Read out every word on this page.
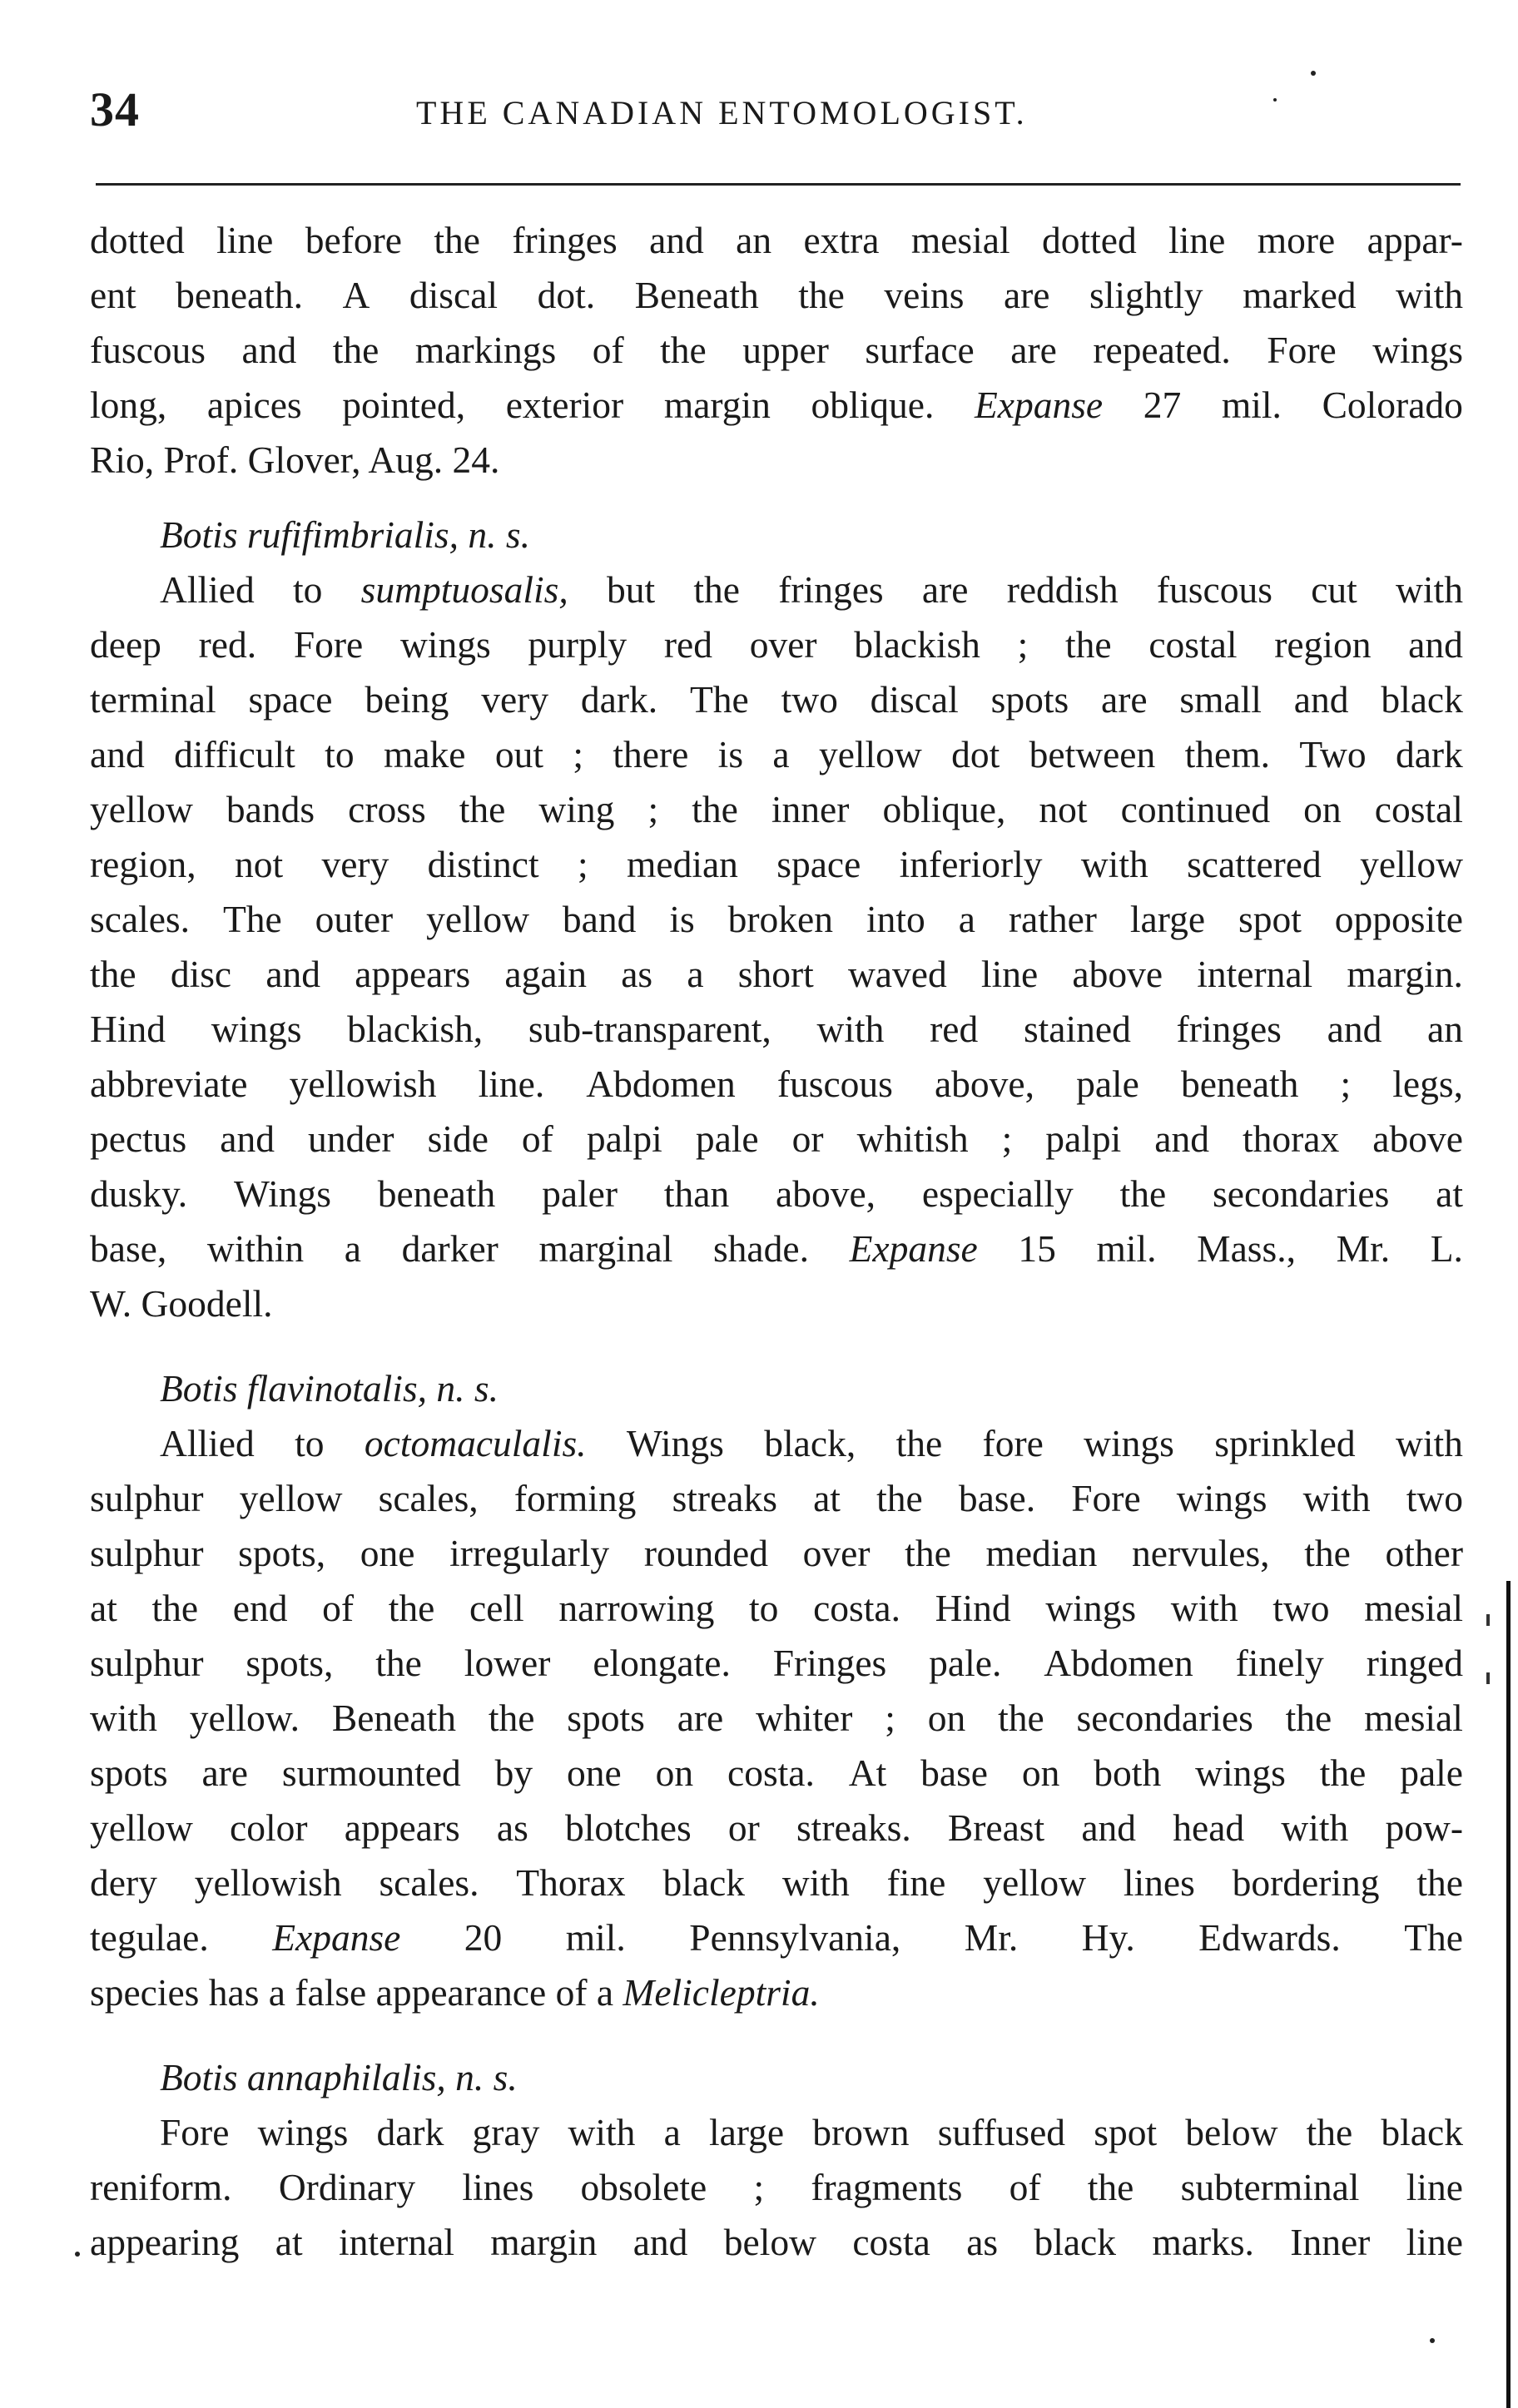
34	THE CANADIAN ENTOMOLOGIST.
dotted line before the fringes and an extra mesial dotted line more appar-
ent beneath. A discal dot. Beneath the veins are slightly marked with
fuscous and the markings of the upper surface are repeated. Fore wings
long, apices pointed, exterior margin oblique. Expanse 27 mil. Colorado
Rio, Prof. Glover, Aug. 24.
Botis rufifimbrialis, n. s.
Allied to sumptuosalis, but the fringes are reddish fuscous cut with
deep red. Fore wings purply red over blackish ; the costal region and
terminal space being very dark. The two discal spots are small and black
and difficult to make out ; there is a yellow dot between them. Two dark
yellow bands cross the wing ; the inner oblique, not continued on costal
region, not very distinct ; median space inferiorly with scattered yellow
scales. The outer yellow band is broken into a rather large spot opposite
the disc and appears again as a short waved line above internal margin.
Hind wings blackish, sub-transparent, with red stained fringes and an
abbreviate yellowish line. Abdomen fuscous above, pale beneath ; legs,
pectus and under side of palpi pale or whitish ; palpi and thorax above
dusky. Wings beneath paler than above, especially the secondaries at
base, within a darker marginal shade. Expanse 15 mil. Mass., Mr. L.
W. Goodell.
Botis flavinotalis, n. s.
Allied to octomaculalis. Wings black, the fore wings sprinkled with
sulphur yellow scales, forming streaks at the base. Fore wings with two
sulphur spots, one irregularly rounded over the median nervules, the other
at the end of the cell narrowing to costa. Hind wings with two mesial
sulphur spots, the lower elongate. Fringes pale. Abdomen finely ringed
with yellow. Beneath the spots are whiter ; on the secondaries the mesial
spots are surmounted by one on costa. At base on both wings the pale
yellow color appears as blotches or streaks. Breast and head with pow-
dery yellowish scales. Thorax black with fine yellow lines bordering the
tegulae. Expanse 20 mil. Pennsylvania, Mr. Hy. Edwards. The
species has a false appearance of a Melicleptria.
Botis annaphilalis, n. s.
Fore wings dark gray with a large brown suffused spot below the black
reniform. Ordinary lines obsolete ; fragments of the subterminal line
appearing at internal margin and below costa as black marks. Inner line
